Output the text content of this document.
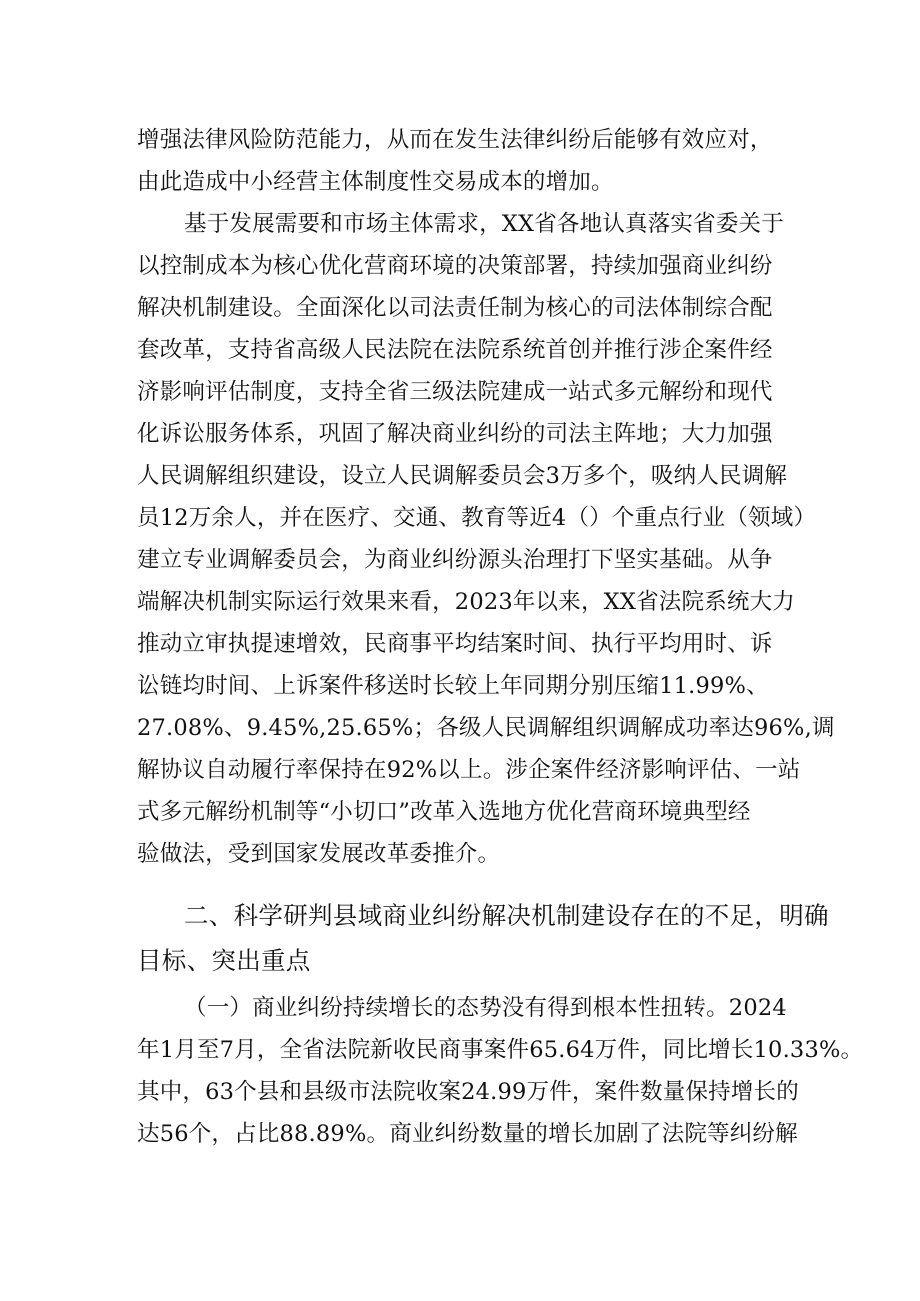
增强法律风险防范能力，从而在发生法律纠纷后能够有效应对，
由此造成中小经营主体制度性交易成本的增加。
基于发展需要和市场主体需求，XX省各地认真落实省委关于
以控制成本为核心优化营商环境的决策部署，持续加强商业纠纷
解决机制建设。全面深化以司法责任制为核心的司法体制综合配
套改革，支持省高级人民法院在法院系统首创并推行涉企案件经
济影响评估制度，支持全省三级法院建成一站式多元解纷和现代
化诉讼服务体系，巩固了解决商业纠纷的司法主阵地；大力加强
人民调解组织建设，设立人民调解委员会3万多个，吸纳人民调解
员12万余人，并在医疗、交通、教育等近4（）个重点行业（领域）
建立专业调解委员会，为商业纠纷源头治理打下坚实基础。从争
端解决机制实际运行效果来看，2023年以来，XX省法院系统大力
推动立审执提速增效，民商事平均结案时间、执行平均用时、诉
讼链均时间、上诉案件移送时长较上年同期分别压缩11.99%、
27.08%、9.45%,25.65%；各级人民调解组织调解成功率达96%,调
解协议自动履行率保持在92%以上。涉企案件经济影响评估、一站
式多元解纷机制等“小切口”改革入选地方优化营商环境典型经
验做法，受到国家发展改革委推介。
二、科学研判县域商业纠纷解决机制建设存在的不足，明确
目标、突出重点
（一）商业纠纷持续增长的态势没有得到根本性扭转。2024
年1月至7月，全省法院新收民商事案件65.64万件，同比增长10.33%。
其中，63个县和县级市法院收案24.99万件，案件数量保持增长的
达56个，占比88.89%。商业纠纷数量的增长加剧了法院等纠纷解
